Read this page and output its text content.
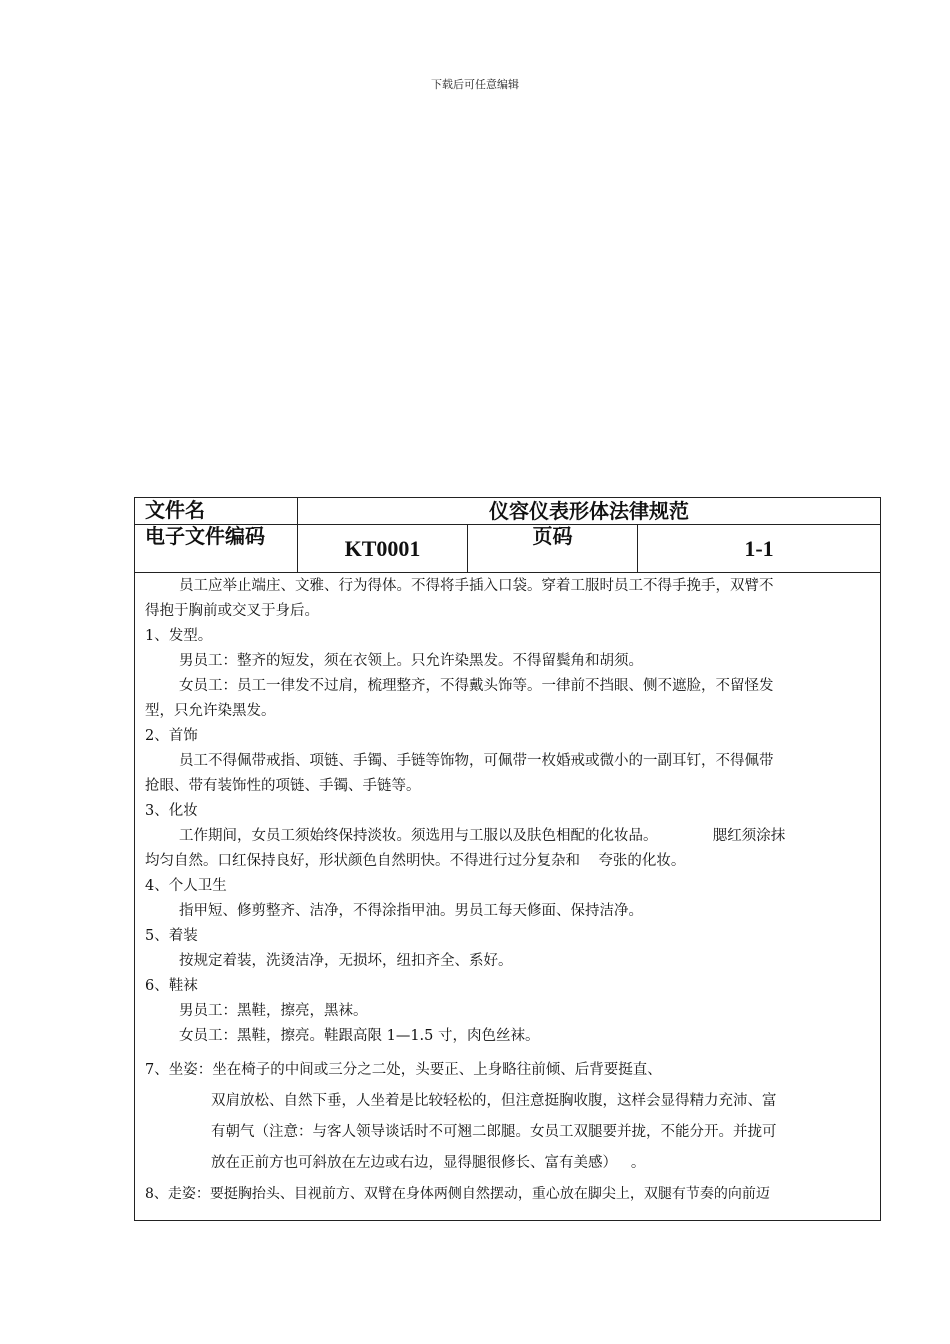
下载后可任意编辑
文件名	仪容仪表形体法律规范
电子文件编码	KT0001	页码	1-1
员工应举止端庄、文雅、行为得体。不得将手插入口袋。穿着工服时员工不得手挽手，双臂不
得抱于胸前或交叉于身后。
1、发型。
男员工：整齐的短发，须在衣领上。只允许染黑发。不得留鬓角和胡须。
女员工：员工一律发不过肩，梳理整齐，不得戴头饰等。一律前不挡眼、侧不遮脸，不留怪发
型，只允许染黑发。
2、首饰
员工不得佩带戒指、项链、手镯、手链等饰物，可佩带一枚婚戒或微小的一副耳钉，不得佩带
抢眼、带有装饰性的项链、手镯、手链等。
3、化妆
工作期间，女员工须始终保持淡妆。须选用与工服以及肤色相配的化妆品。            腮红须涂抹
均匀自然。口红保持良好，形状颜色自然明快。不得进行过分复杂和    夸张的化妆。
4、个人卫生
指甲短、修剪整齐、洁净，不得涂指甲油。男员工每天修面、保持洁净。
5、着装
按规定着装，洗烫洁净，无损坏，纽扣齐全、系好。
6、鞋袜
男员工：黑鞋，擦亮，黑袜。
女员工：黑鞋，擦亮。鞋跟高限 1—1.5 寸，肉色丝袜。
7、坐姿：坐在椅子的中间或三分之二处，头要正、上身略往前倾、后背要挺直、
双肩放松、自然下垂，人坐着是比较轻松的，但注意挺胸收腹，这样会显得精力充沛、富
有朝气（注意：与客人领导谈话时不可翘二郎腿。女员工双腿要并拢，不能分开。并拢可
放在正前方也可斜放在左边或右边，显得腿很修长、富有美感）   。
8、走姿：要挺胸抬头、目视前方、双臂在身体两侧自然摆动，重心放在脚尖上，双腿有节奏的向前迈
